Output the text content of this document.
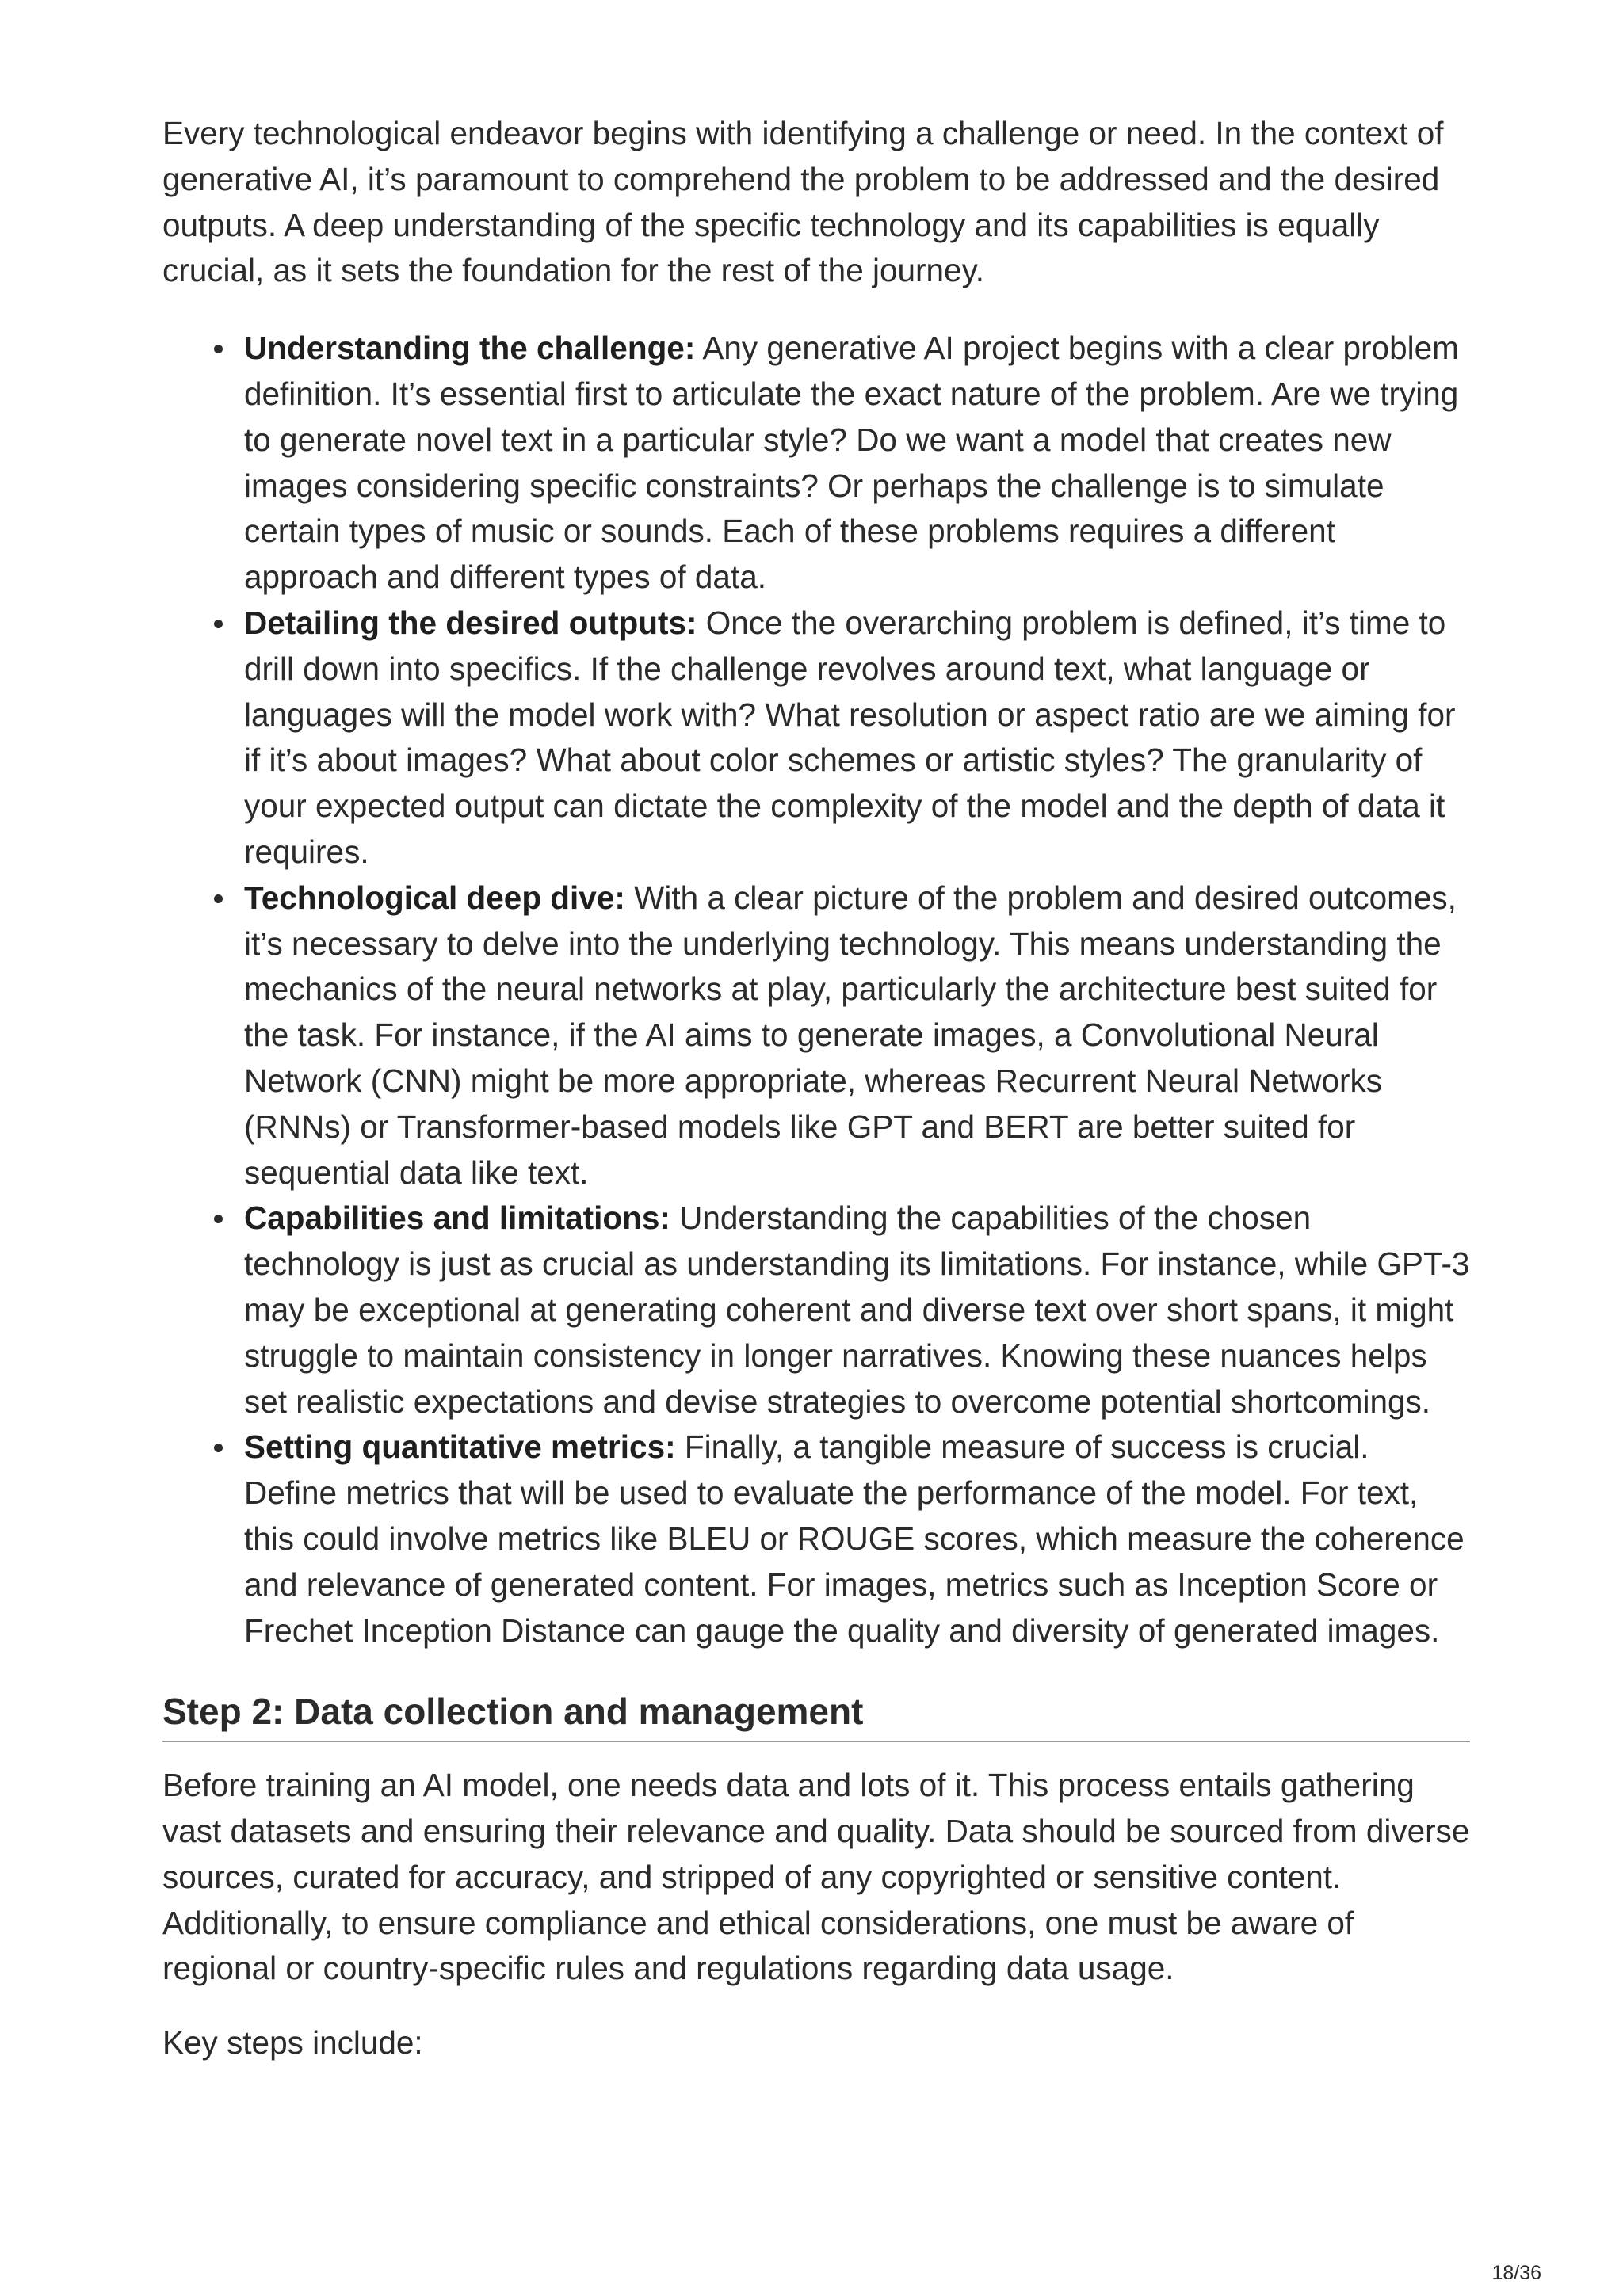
Every technological endeavor begins with identifying a challenge or need. In the context of generative AI, it’s paramount to comprehend the problem to be addressed and the desired outputs. A deep understanding of the specific technology and its capabilities is equally crucial, as it sets the foundation for the rest of the journey.

Understanding the challenge: Any generative AI project begins with a clear problem definition. It’s essential first to articulate the exact nature of the problem. Are we trying to generate novel text in a particular style? Do we want a model that creates new images considering specific constraints? Or perhaps the challenge is to simulate certain types of music or sounds. Each of these problems requires a different approach and different types of data.
Detailing the desired outputs: Once the overarching problem is defined, it’s time to drill down into specifics. If the challenge revolves around text, what language or languages will the model work with? What resolution or aspect ratio are we aiming for if it’s about images? What about color schemes or artistic styles? The granularity of your expected output can dictate the complexity of the model and the depth of data it requires.
Technological deep dive: With a clear picture of the problem and desired outcomes, it’s necessary to delve into the underlying technology. This means understanding the mechanics of the neural networks at play, particularly the architecture best suited for the task. For instance, if the AI aims to generate images, a Convolutional Neural Network (CNN) might be more appropriate, whereas Recurrent Neural Networks (RNNs) or Transformer-based models like GPT and BERT are better suited for sequential data like text.
Capabilities and limitations: Understanding the capabilities of the chosen technology is just as crucial as understanding its limitations. For instance, while GPT-3 may be exceptional at generating coherent and diverse text over short spans, it might struggle to maintain consistency in longer narratives. Knowing these nuances helps set realistic expectations and devise strategies to overcome potential shortcomings.
Setting quantitative metrics: Finally, a tangible measure of success is crucial. Define metrics that will be used to evaluate the performance of the model. For text, this could involve metrics like BLEU or ROUGE scores, which measure the coherence and relevance of generated content. For images, metrics such as Inception Score or Frechet Inception Distance can gauge the quality and diversity of generated images.
Step 2: Data collection and management

Before training an AI model, one needs data and lots of it. This process entails gathering vast datasets and ensuring their relevance and quality. Data should be sourced from diverse sources, curated for accuracy, and stripped of any copyrighted or sensitive content. Additionally, to ensure compliance and ethical considerations, one must be aware of regional or country-specific rules and regulations regarding data usage.

Key steps include:

18/36
